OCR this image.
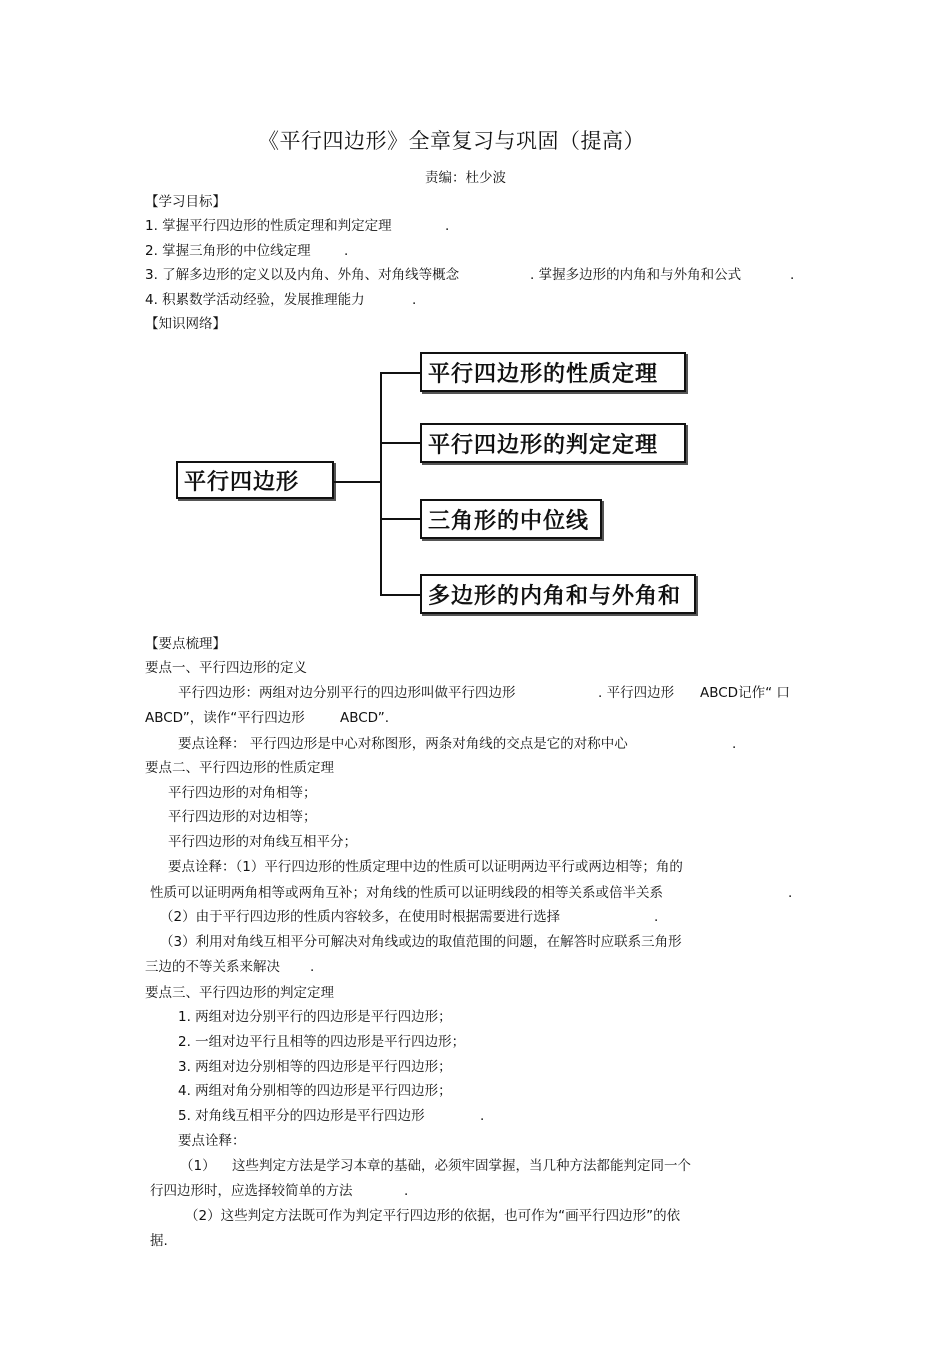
《平行四边形》全章复习与巩固（提高）
责编：杜少波
【学习目标】
1. 掌握平行四边形的性质定理和判定定理	.
2. 掌握三角形的中位线定理 .
3. 了解多边形的定义以及内角、外角、对角线等概念	. 掌握多边形的内角和与外角和公式	.
4. 积累数学活动经验，发展推理能力	.
【知识网络】
平行四边形
平行四边形的性质定理
平行四边形的判定定理
三角形的中位线
多边形的内角和与外角和
【要点梳理】
要点一、平行四边形的定义
平行四边形：两组对边分别平行的四边形叫做平行四边形	. 平行四边形 ABCD记作“ 口
ABCD”，读作“平行四边形	ABCD”.
要点诠释： 平行四边形是中心对称图形，两条对角线的交点是它的对称中心	.
要点二、平行四边形的性质定理
平行四边形的对角相等；
平行四边形的对边相等；
平行四边形的对角线互相平分；
要点诠释：（1）平行四边形的性质定理中边的性质可以证明两边平行或两边相等；角的
性质可以证明两角相等或两角互补；对角线的性质可以证明线段的相等关系或倍半关系	.
（2）由于平行四边形的性质内容较多，在使用时根据需要进行选择	.
（3）利用对角线互相平分可解决对角线或边的取值范围的问题，在解答时应联系三角形
三边的不等关系来解决 .
要点三、平行四边形的判定定理
1. 两组对边分别平行的四边形是平行四边形；
2. 一组对边平行且相等的四边形是平行四边形；
3. 两组对边分别相等的四边形是平行四边形；
4. 两组对角分别相等的四边形是平行四边形；
5. 对角线互相平分的四边形是平行四边形	.
要点诠释：
（1） 这些判定方法是学习本章的基础，必须牢固掌握，当几种方法都能判定同一个
行四边形时，应选择较简单的方法	.
（2）这些判定方法既可作为判定平行四边形的依据，也可作为“画平行四边形”的依
据.
